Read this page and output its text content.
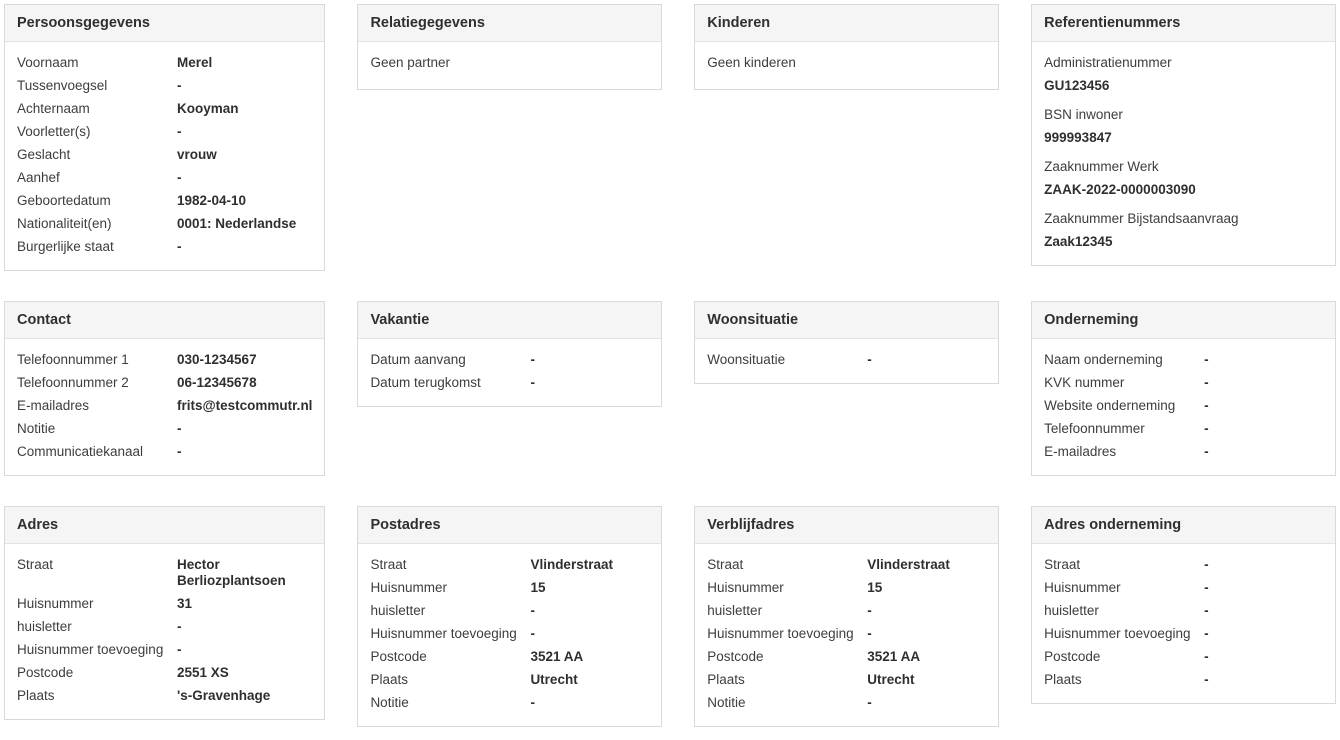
Persoonsgegevens
Voornaam	Merel
Tussenvoegsel	-
Achternaam	Kooyman
Voorletter(s)	-
Geslacht	vrouw
Aanhef	-
Geboortedatum	1982-04-10
Nationaliteit(en)	0001: Nederlandse
Burgerlijke staat	-
Relatiegegevens
Geen partner
Kinderen
Geen kinderen
Referentienummers
Administratienummer
GU123456
BSN inwoner
999993847
Zaaknummer Werk
ZAAK-2022-0000003090
Zaaknummer Bijstandsaanvraag
Zaak12345
Contact
Telefoonnummer 1	030-1234567
Telefoonnummer 2	06-12345678
E-mailadres	frits@testcommutr.nl
Notitie	-
Communicatiekanaal	-
Vakantie
Datum aanvang	-
Datum terugkomst	-
Woonsituatie
Woonsituatie	-
Onderneming
Naam onderneming	-
KVK nummer	-
Website onderneming	-
Telefoonnummer	-
E-mailadres	-
Adres
Straat	Hector Berliozplantsoen
Huisnummer	31
huisletter	-
Huisnummer toevoeging	-
Postcode	2551 XS
Plaats	's-Gravenhage
Postadres
Straat	Vlinderstraat
Huisnummer	15
huisletter	-
Huisnummer toevoeging	-
Postcode	3521 AA
Plaats	Utrecht
Notitie	-
Verblijfadres
Straat	Vlinderstraat
Huisnummer	15
huisletter	-
Huisnummer toevoeging	-
Postcode	3521 AA
Plaats	Utrecht
Notitie	-
Adres onderneming
Straat	-
Huisnummer	-
huisletter	-
Huisnummer toevoeging	-
Postcode	-
Plaats	-
